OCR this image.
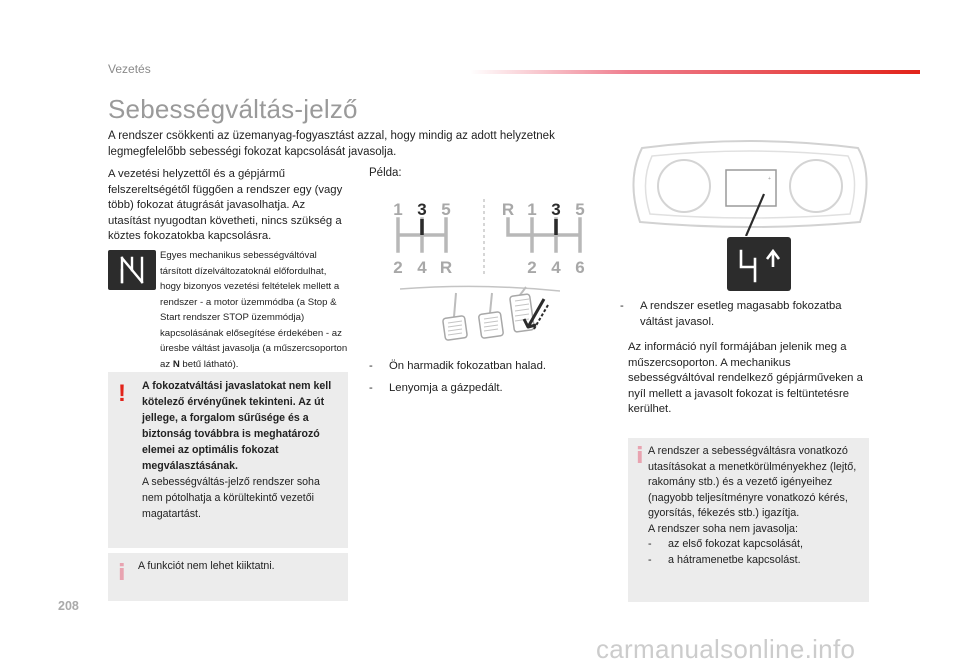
Vezetés
Sebességváltás-jelző

A rendszer csökkenti az üzemanyag-fogyasztást azzal, hogy mindig az adott helyzetnek legmegfelelőbb sebességi fokozat kapcsolását javasolja.

A vezetési helyzettől és a gépjármű felszereltségétől függően a rendszer egy (vagy több) fokozat átugrását javasolhatja. Az utasítást nyugodtan követheti, nincs szükség a köztes fokozatokba kapcsolásra.

Egyes mechanikus sebességváltóval társított dízelváltozatoknál előfordulhat, hogy bizonyos vezetési feltételek mellett a rendszer - a motor üzemmódba (a Stop & Start rendszer STOP üzemmódja) kapcsolásának elősegítése érdekében - az üresbe váltást javasolja (a műszercsoporton az N betű látható).

! A fokozatváltási javaslatokat nem kell kötelező érvényűnek tekinteni. Az út jellege, a forgalom sűrűsége és a biztonság továbbra is meghatározó elemei az optimális fokozat megválasztásának.
A sebességváltás-jelző rendszer soha nem pótolhatja a körültekintő vezetői magatartást.
i A funkciót nem lehet kiiktatni.
Példa:
1 3 5
2 4 R
R 1 3 5
2 4 6
- Ön harmadik fokozatban halad.
- Lenyomja a gázpedált.
+
-	A rendszer esetleg magasabb fokozatba váltást javasol.

Az információ nyíl formájában jelenik meg a műszercsoporton. A mechanikus sebességváltóval rendelkező gépjárműveken a nyíl mellett a javasolt fokozat is feltüntetésre kerülhet.

i A rendszer a sebességváltásra vonatkozó utasításokat a menetkörülményekhez (lejtő, rakomány stb.) és a vezető igényeihez (nagyobb teljesítményre vonatkozó kérés, gyorsítás, fékezés stb.) igazítja.
A rendszer soha nem javasolja:
- az első fokozat kapcsolását,
- a hátramenetbe kapcsolást.
208
carmanualsonline.info
